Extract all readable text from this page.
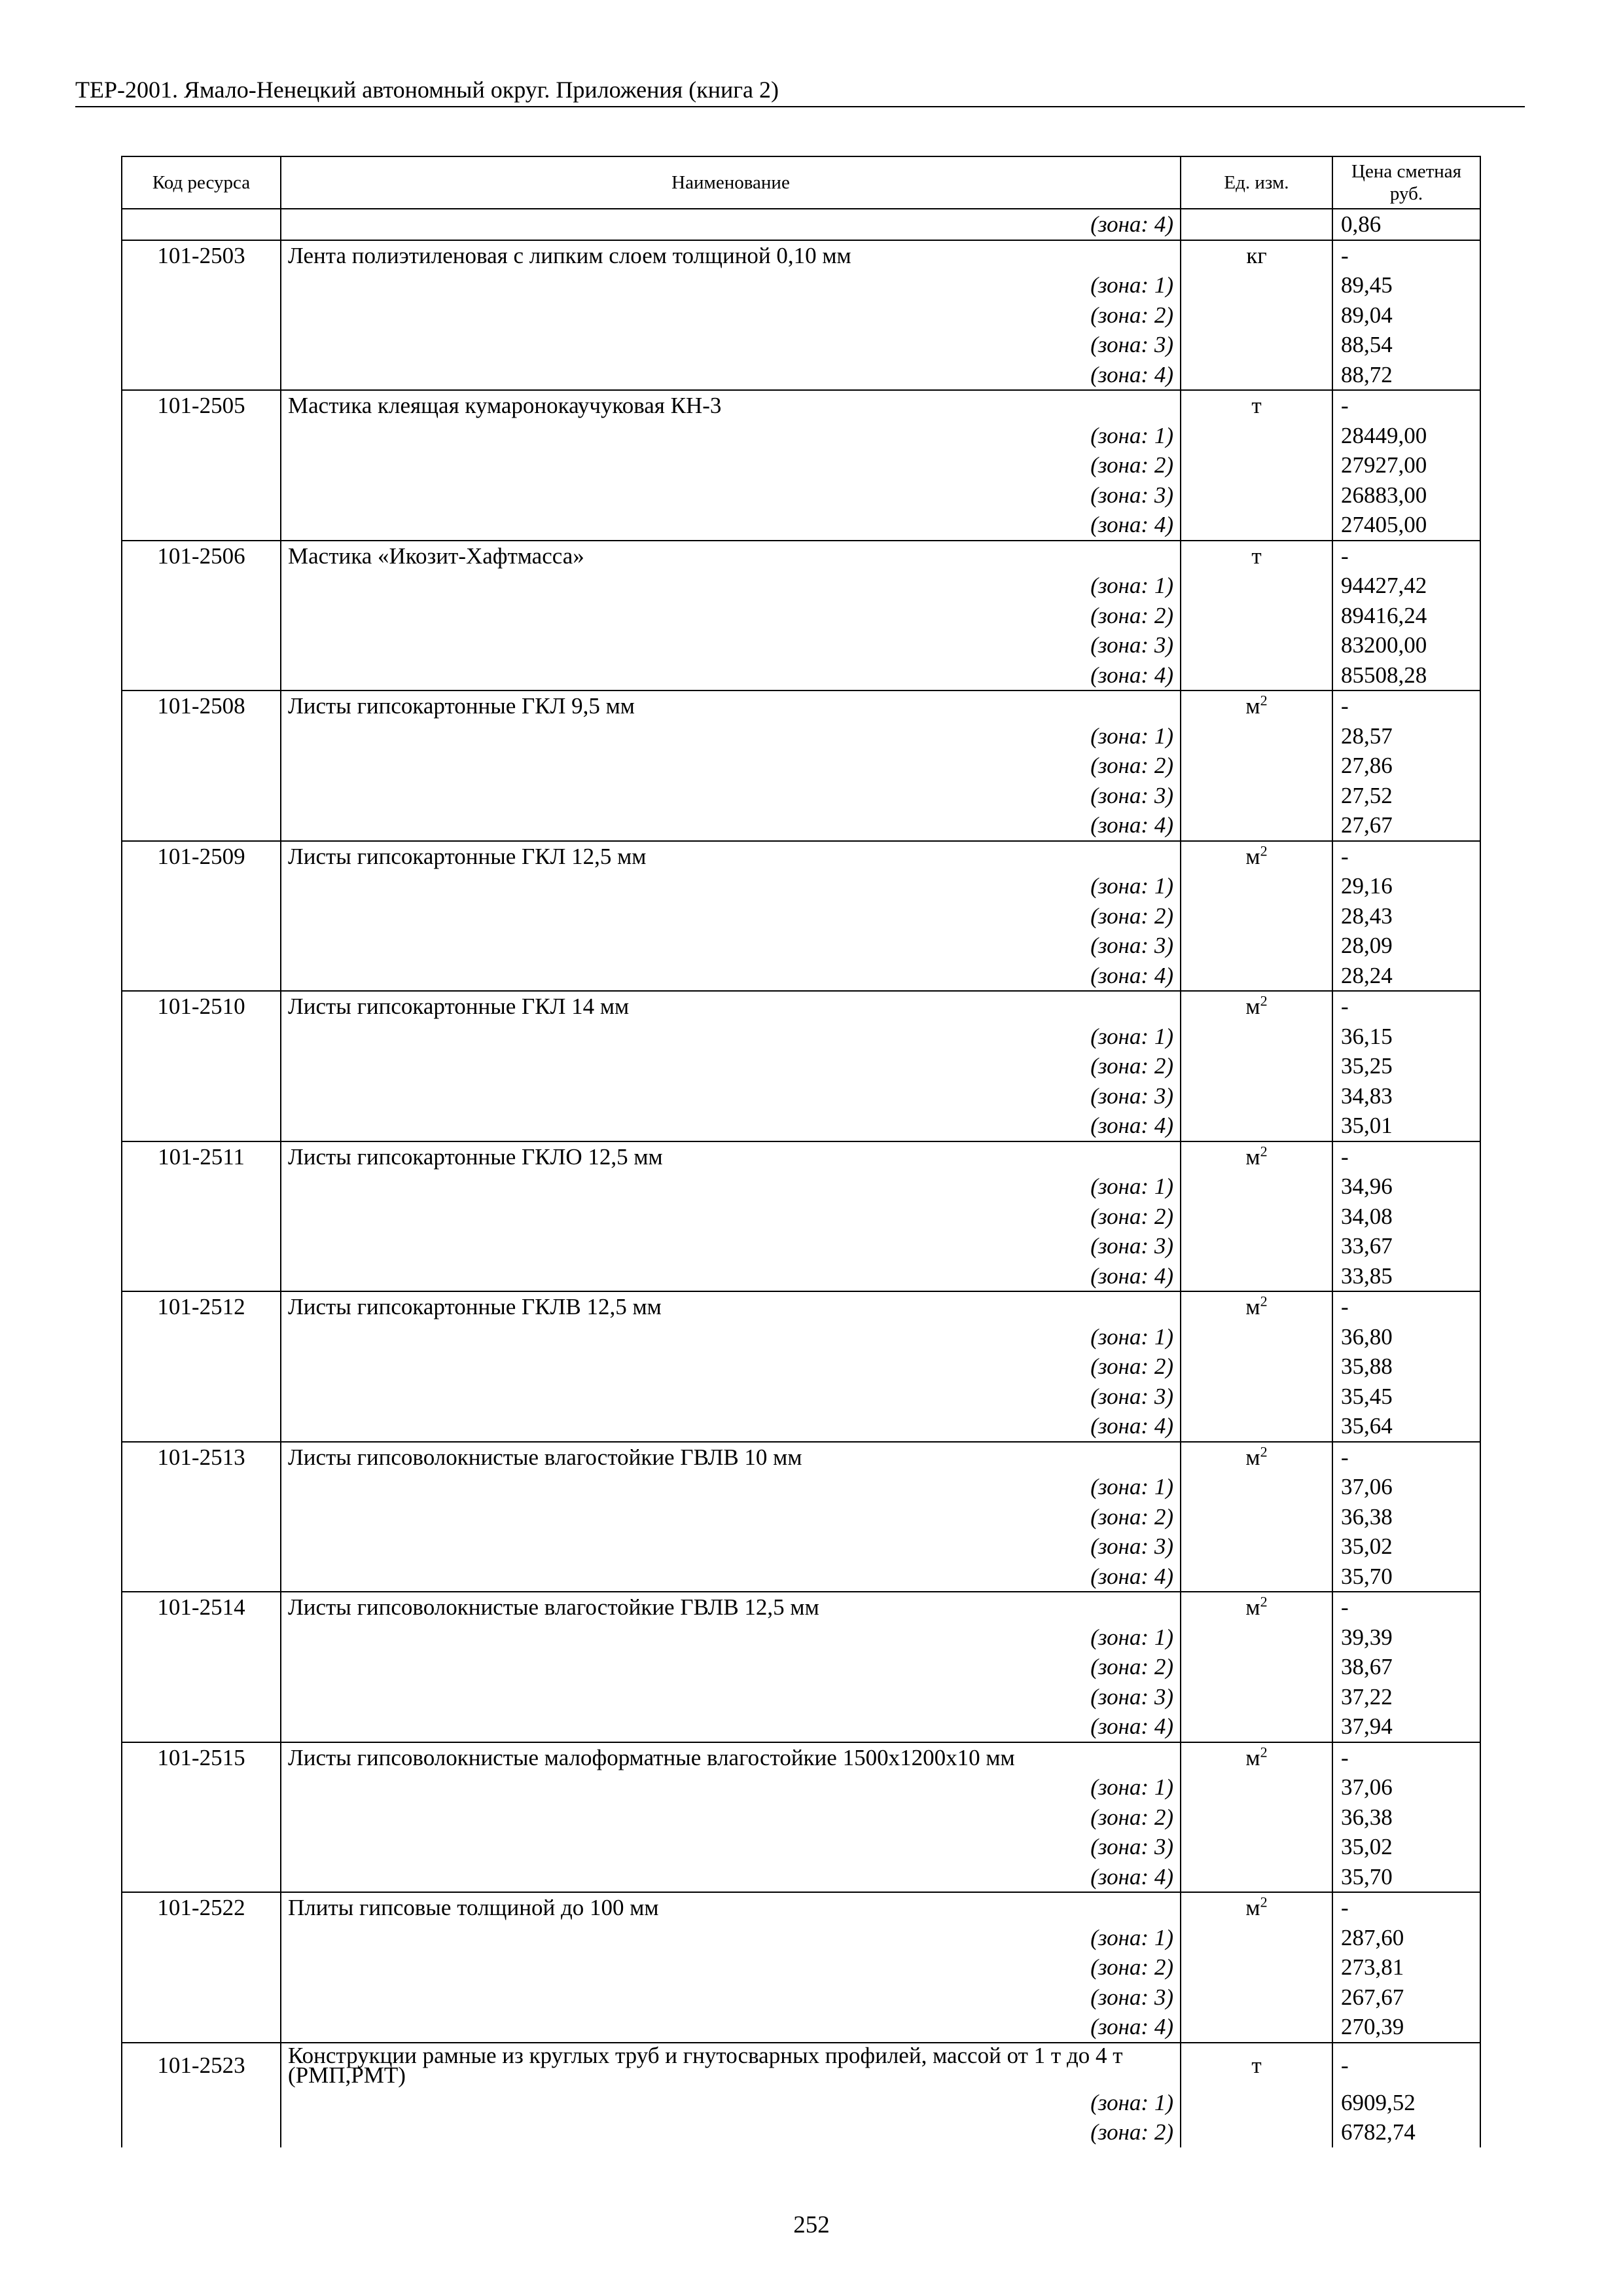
ТЕР-2001. Ямало-Ненецкий автономный округ. Приложения (книга 2)
Код ресурса	Наименование	Ед. изм.	Цена сметная руб.
	(зона: 4)		0,86
101-2503	Лента полиэтиленовая с липким слоем толщиной 0,10 мм	кг	-
	(зона: 1)		89,45
	(зона: 2)		89,04
	(зона: 3)		88,54
	(зона: 4)		88,72
101-2505	Мастика клеящая кумаронокаучуковая КН-3	т	-
	(зона: 1)		28449,00
	(зона: 2)		27927,00
	(зона: 3)		26883,00
	(зона: 4)		27405,00
101-2506	Мастика «Икозит-Хафтмасса»	т	-
	(зона: 1)		94427,42
	(зона: 2)		89416,24
	(зона: 3)		83200,00
	(зона: 4)		85508,28
101-2508	Листы гипсокартонные ГКЛ 9,5 мм	$м^2$	-
	(зона: 1)		28,57
	(зона: 2)		27,86
	(зона: 3)		27,52
	(зона: 4)		27,67
101-2509	Листы гипсокартонные ГКЛ 12,5 мм	$м^2$	-
	(зона: 1)		29,16
	(зона: 2)		28,43
	(зона: 3)		28,09
	(зона: 4)		28,24
101-2510	Листы гипсокартонные ГКЛ 14 мм	$м^2$	-
	(зона: 1)		36,15
	(зона: 2)		35,25
	(зона: 3)		34,83
	(зона: 4)		35,01
101-2511	Листы гипсокартонные ГКЛО 12,5 мм	$м^2$	-
	(зона: 1)		34,96
	(зона: 2)		34,08
	(зона: 3)		33,67
	(зона: 4)		33,85
101-2512	Листы гипсокартонные ГКЛВ 12,5 мм	$м^2$	-
	(зона: 1)		36,80
	(зона: 2)		35,88
	(зона: 3)		35,45
	(зона: 4)		35,64
101-2513	Листы гипсоволокнистые влагостойкие ГВЛВ 10 мм	$м^2$	-
	(зона: 1)		37,06
	(зона: 2)		36,38
	(зона: 3)		35,02
	(зона: 4)		35,70
101-2514	Листы гипсоволокнистые влагостойкие ГВЛВ 12,5 мм	$м^2$	-
	(зона: 1)		39,39
	(зона: 2)		38,67
	(зона: 3)		37,22
	(зона: 4)		37,94
101-2515	Листы гипсоволокнистые малоформатные влагостойкие 1500х1200х10 мм	$м^2$	-
	(зона: 1)		37,06
	(зона: 2)		36,38
	(зона: 3)		35,02
	(зона: 4)		35,70
101-2522	Плиты гипсовые толщиной до 100 мм	$м^2$	-
	(зона: 1)		287,60
	(зона: 2)		273,81
	(зона: 3)		267,67
	(зона: 4)		270,39
101-2523	Конструкции рамные из круглых труб и гнутосварных профилей, массой от 1 т до 4 т (РМП,РМТ)	т	-
	(зона: 1)		6909,52
	(зона: 2)		6782,74
252
